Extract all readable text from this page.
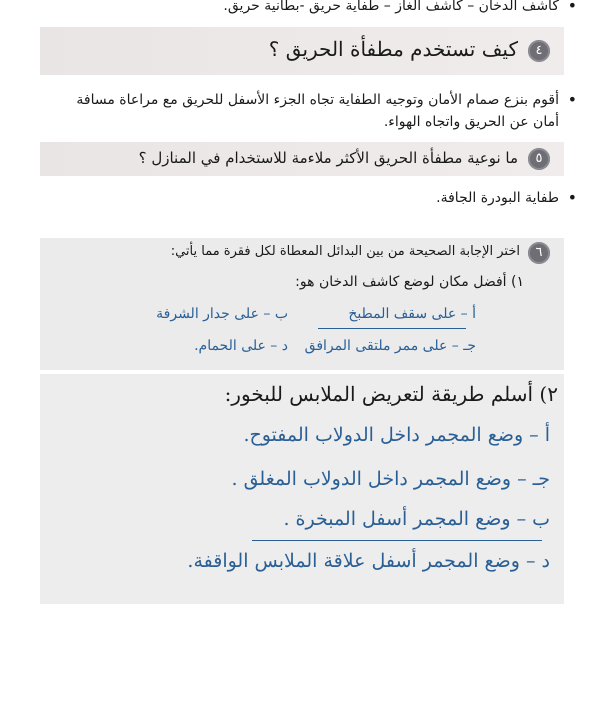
• كاشف الدخان – كاشف الغاز – طفاية حريق -بطانية حريق.
٤
كيف تستخدم مطفأة الحريق ؟
• أقوم بنزع صمام الأمان وتوجيه الطفاية تجاه الجزء الأسفل للحريق مع مراعاة مسافة
أمان عن الحريق واتجاه الهواء.
٥
ما نوعية مطفأة الحريق الأكثر ملاءمة للاستخدام في المنازل ؟
• طفاية البودرة الجافة.
٦
اختر الإجابة الصحيحة من بين البدائل المعطاة لكل فقرة مما يأتي:
١) أفضل مكان لوضع كاشف الدخان هو:
أ – على سقف المطبخ
ب – على جدار الشرفة
جـ – على ممر ملتقى المرافق
د – على الحمام.
٢) أسلم طريقة لتعريض الملابس للبخور:
أ – وضع المجمر داخل الدولاب المفتوح.
جـ – وضع المجمر داخل الدولاب المغلق .
ب – وضع المجمر أسفل المبخرة .
د – وضع المجمر أسفل علاقة الملابس الواقفة.
